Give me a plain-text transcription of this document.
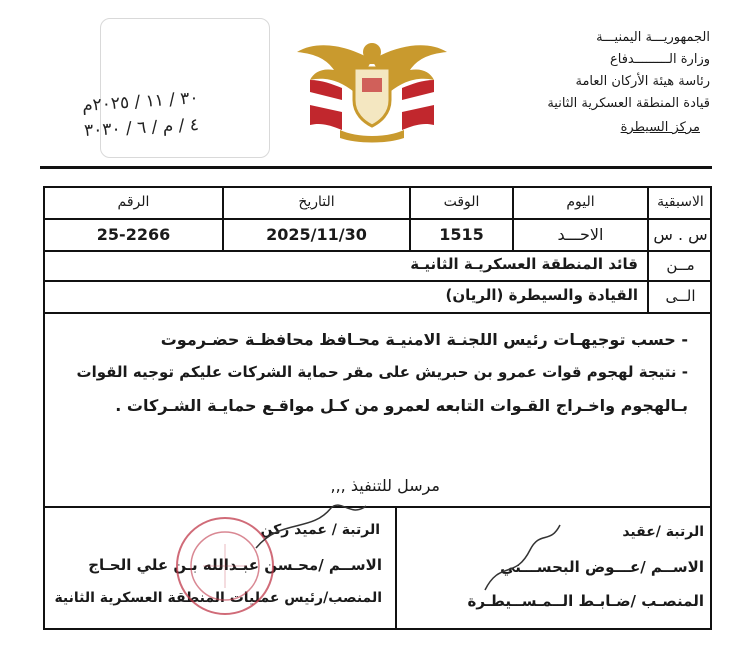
الجمهوريـــة اليمنيـــة
وزارة الـــــــــدفاع
رئاسة هيئة الأركان العامة
قيادة المنطقة العسكرية الثانية
مركز السيطرة
٣٠ / ١١ / ٢٠٢٥م
٤ / م / ٦ / ٣٠٣٠
الاسبقية
اليوم
الوقت
التاريخ
الرقم
س . س
الاحـــد
1515
2025/11/30
25-2266
مــن
قائد المنطقة العسكريـة الثانيـة
الــى
القيادة والسيطرة (الريان)
- حسب توجيهـات رئيس اللجنـة الامنيـة محـافظ محافظـة حضـرموت
- نتيجة لهجوم قوات عمرو بن حبريش على مقر حماية الشركات عليكم توجيه القوات
بـالهجوم واخـراج القـوات التابعه لعمرو من كـل مواقـع حمايـة الشـركات .
مرسل للتنفيذ ,,,
الرتبة /عقيد
الاســم /عـــوض البحســـني
المنصـب /ضـابـط الــمـســيطـرة
الرتبة / عميد ركن
الاســم /محـسن عبـدالله بـن علي الحـاج
المنصب/رئيس عمليات المنطقة العسكرية الثانية
